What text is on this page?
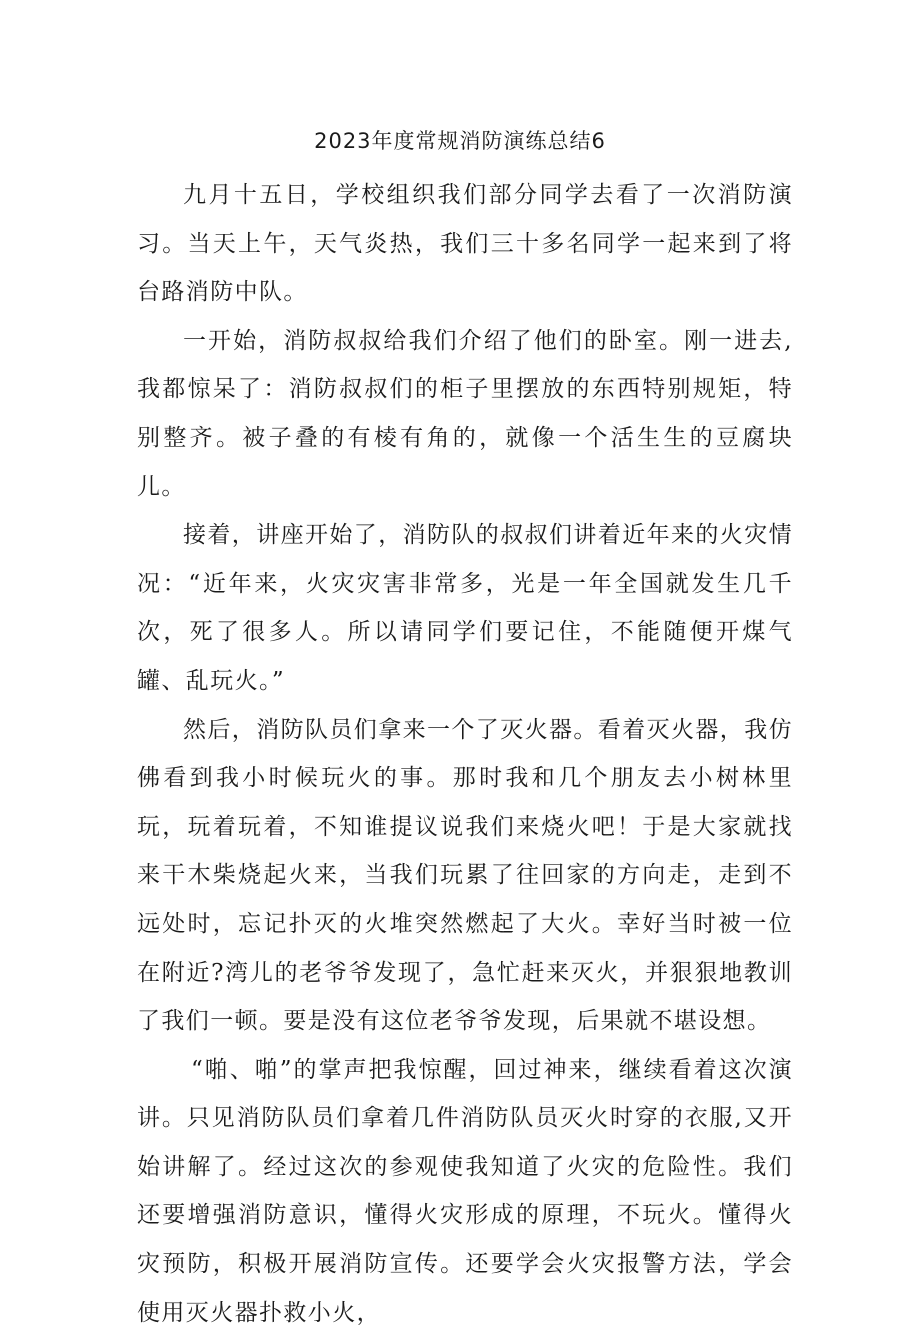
2023年度常规消防演练总结6

九月十五日，学校组织我们部分同学去看了一次消防演习。当天上午，天气炎热，我们三十多名同学一起来到了将台路消防中队。

一开始，消防叔叔给我们介绍了他们的卧室。刚一进去,我都惊呆了：消防叔叔们的柜子里摆放的东西特别规矩，特别整齐。被子叠的有棱有角的，就像一个活生生的豆腐块儿。

接着，讲座开始了，消防队的叔叔们讲着近年来的火灾情况：“近年来，火灾灾害非常多，光是一年全国就发生几千次，死了很多人。所以请同学们要记住，不能随便开煤气罐、乱玩火。”

然后，消防队员们拿来一个了灭火器。看着灭火器，我仿佛看到我小时候玩火的事。那时我和几个朋友去小树林里玩，玩着玩着，不知谁提议说我们来烧火吧！于是大家就找来干木柴烧起火来，当我们玩累了往回家的方向走，走到不远处时，忘记扑灭的火堆突然燃起了大火。幸好当时被一位在附近?湾儿的老爷爷发现了，急忙赶来灭火，并狠狠地教训了我们一顿。要是没有这位老爷爷发现，后果就不堪设想。

“啪、啪”的掌声把我惊醒，回过神来，继续看着这次演讲。只见消防队员们拿着几件消防队员灭火时穿的衣服,又开始讲解了。经过这次的参观使我知道了火灾的危险性。我们还要增强消防意识，懂得火灾形成的原理，不玩火。懂得火灾预防，积极开展消防宣传。还要学会火灾报警方法，学会使用灭火器扑救小火，
